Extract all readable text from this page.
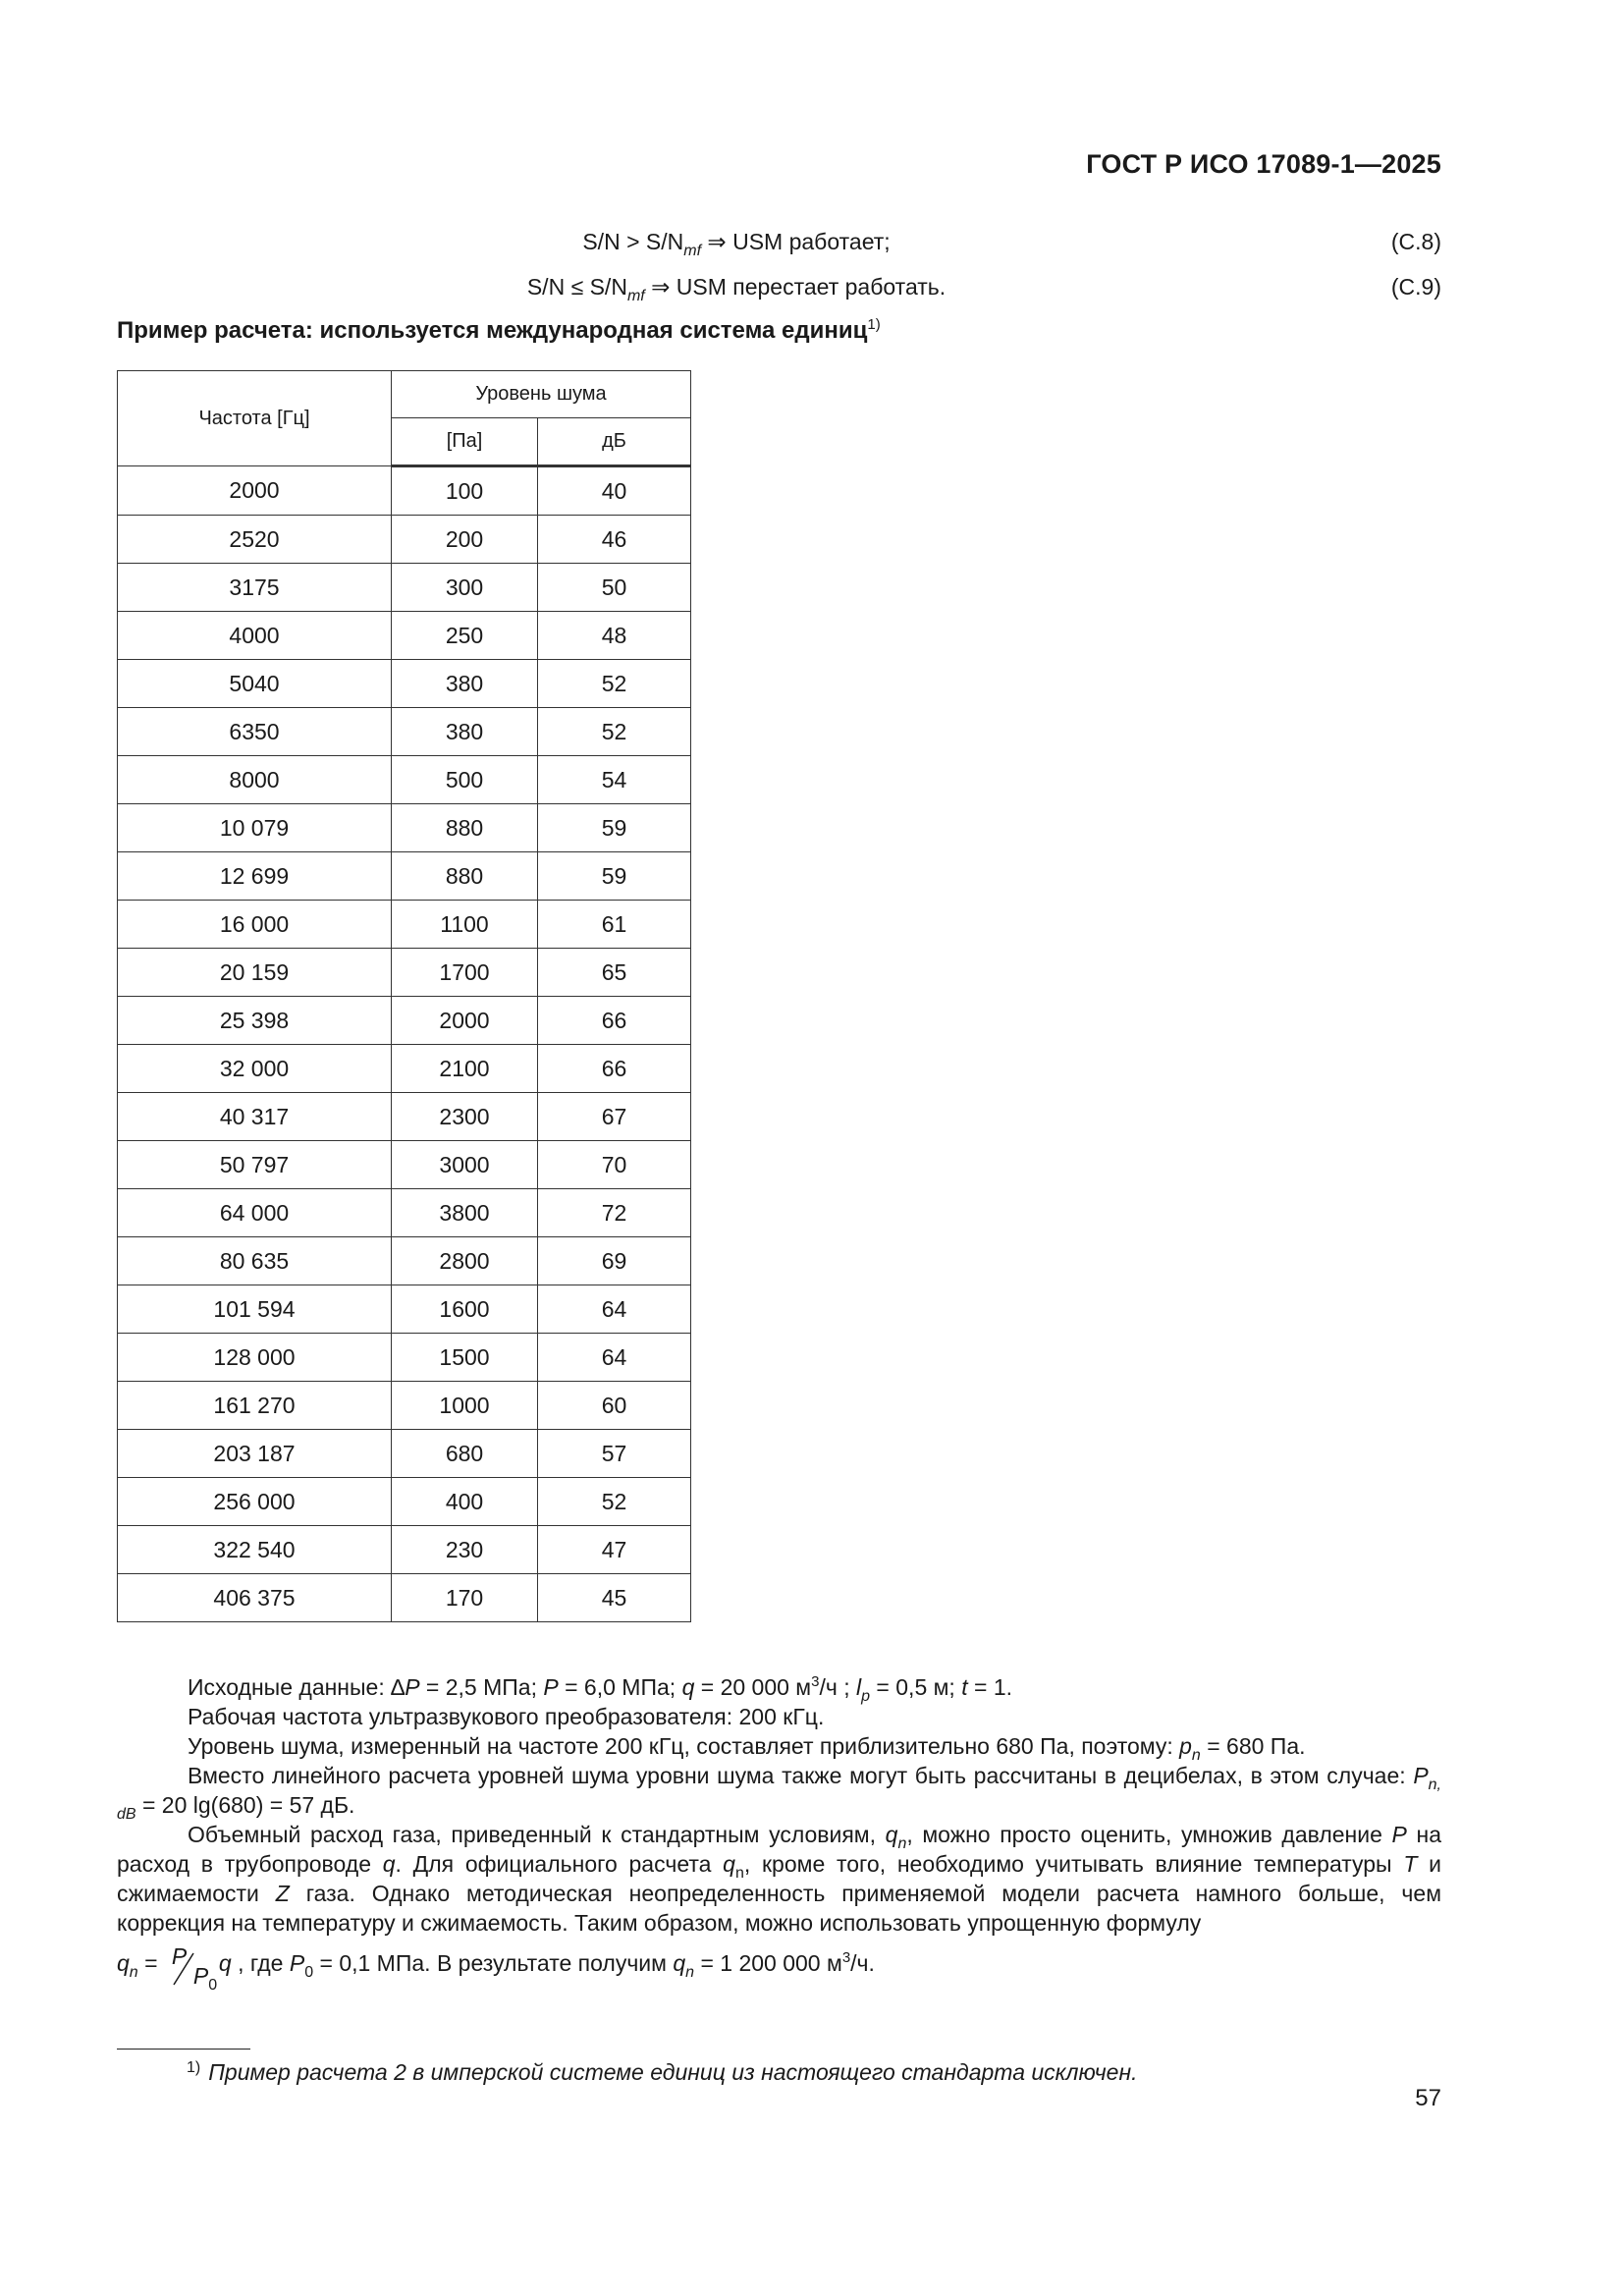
ГОСТ Р ИСО 17089-1—2025
$S/N > S/N_{mf}$ ⇒ USM работает;	(C.8)
$S/N \le S/N_{mf}$ ⇒ USM перестает работать.	(C.9)
Пример расчета: используется международная система единиц$^{1)}$
Частота [Гц]	Уровень шума	
	[Па]	дБ
2000	100	40
2520	200	46
3175	300	50
4000	250	48
5040	380	52
6350	380	52
8000	500	54
10 079	880	59
12 699	880	59
16 000	1100	61
20 159	1700	65
25 398	2000	66
32 000	2100	66
40 317	2300	67
50 797	3000	70
64 000	3800	72
80 635	2800	69
101 594	1600	64
128 000	1500	64
161 270	1000	60
203 187	680	57
256 000	400	52
322 540	230	47
406 375	170	45

Исходные данные: ∆P = 2,5 МПа; P = 6,0 МПа; q = 20 000 $м^3/ч$ ; $l_p = 0,5$ м; t = 1.

Рабочая частота ультразвукового преобразователя: 200 кГц.

Уровень шума, измеренный на частоте 200 кГц, составляет приблизительно 680 Па, поэтому: $p_n = 680$ Па.

Вместо линейного расчета уровней шума уровни шума также могут быть рассчитаны в децибелах, в этом случае: $P_{n, dB} = 20$ lg(680) = 57 дБ.

Объемный расход газа, приведенный к стандартным условиям, $q_n$, можно просто оценить, умножив давление P на расход в трубопроводе q. Для официального расчета $q_n$, кроме того, необходимо учитывать влияние температуры T и сжимаемости Z газа. Однако методическая неопределенность применяемой модели расчета намного больше, чем коррекция на температуру и сжимаемость. Таким образом, можно использовать упрощенную формулу

$q_n = P$
$P_0$
q , где $P_0 = 0,1$ МПа. В результате получим $q_n = 1$ 200 000 $м^3/ч$.

$^{1)}$ Пример расчета 2 в имперской системе единиц из настоящего стандарта исключен.
57
